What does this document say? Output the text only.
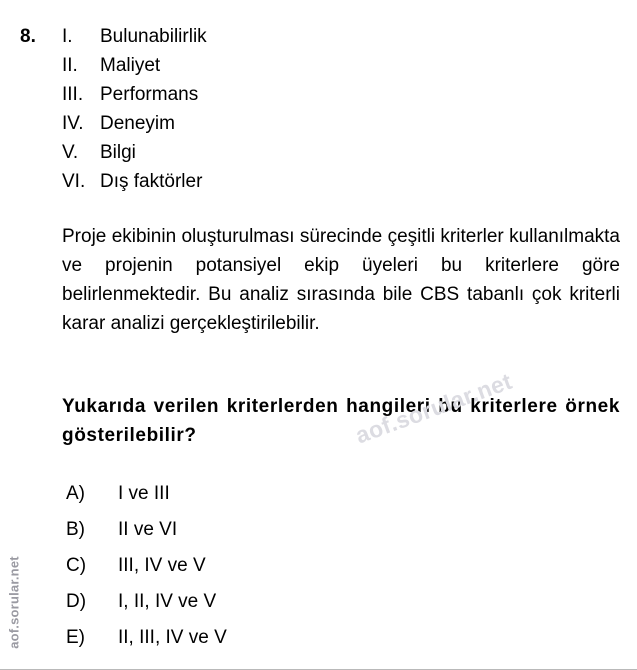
8. I.	Bulunabilirlik
II.	Maliyet
III. Performans
IV. Deneyim
V.	Bilgi
VI. Dış faktörler
Proje ekibinin oluşturulması sürecinde çeşitli kriterler kullanılmakta ve projenin potansiyel ekip üyeleri bu kriterlere göre belirlenmektedir. Bu analiz sırasında bile CBS tabanlı çok kriterli karar analizi gerçekleştirilebilir.
Yukarıda verilen kriterlerden hangileri bu kriterlere örnek gösterilebilir?
A)	I ve III
B)	II ve VI
C)	III, IV ve V
D)	I, II, IV ve V
E)	II, III, IV ve V
aof.sorular.net
aof.sorular.net
